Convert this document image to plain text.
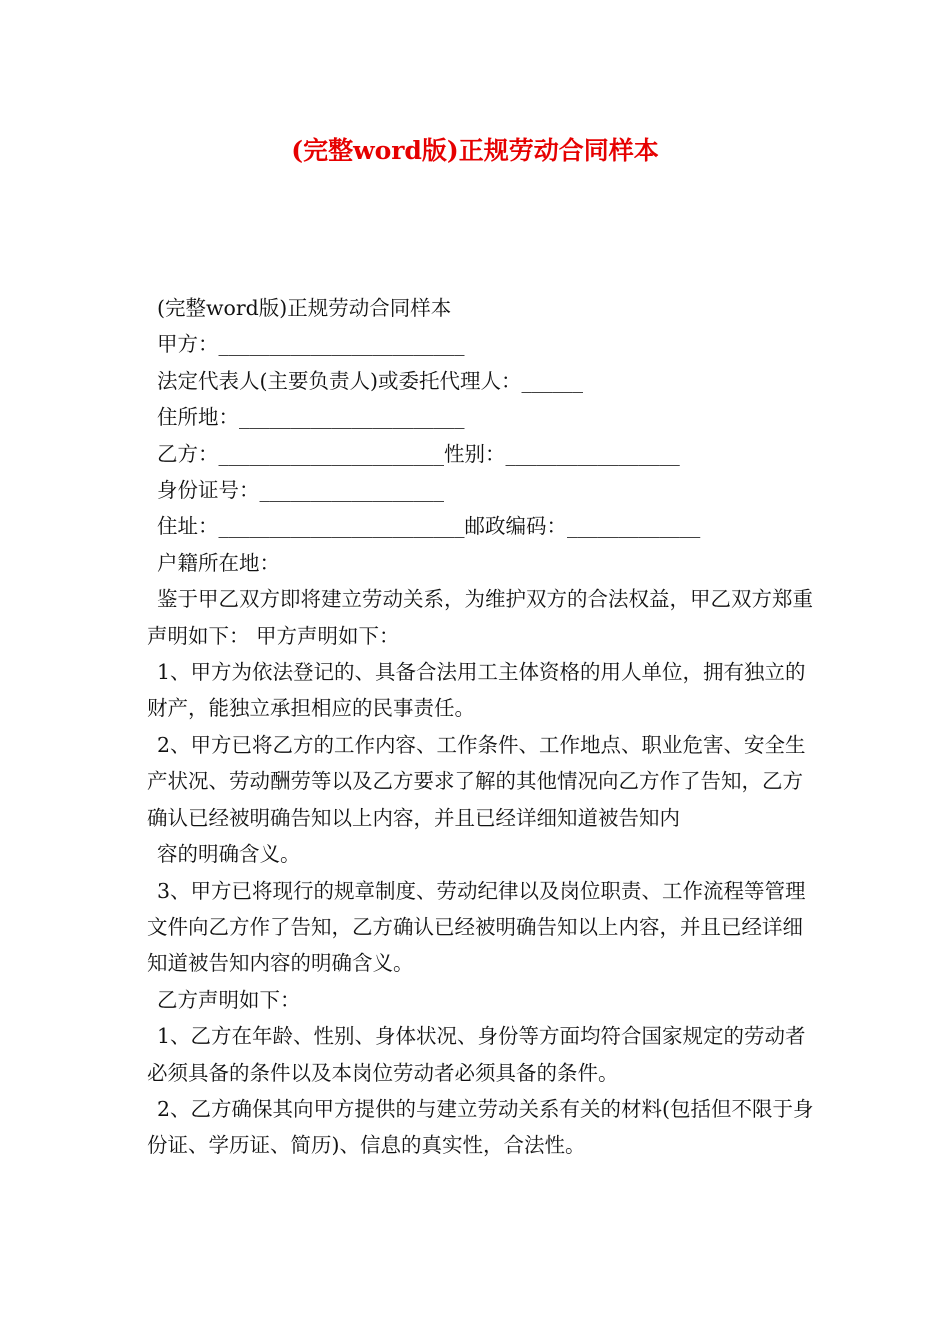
(完整word版)正规劳动合同样本
(完整word版)正规劳动合同样本
甲方：________________________
法定代表人(主要负责人)或委托代理人：______
住所地：______________________
乙方：______________________性别：_________________
身份证号：__________________
住址：________________________邮政编码：_____________
户籍所在地：

鉴于甲乙双方即将建立劳动关系，为维护双方的合法权益，甲乙双方郑重声明如下： 甲方声明如下：

1、甲方为依法登记的、具备合法用工主体资格的用人单位，拥有独立的财产，能独立承担相应的民事责任。

2、甲方已将乙方的工作内容、工作条件、工作地点、职业危害、安全生产状况、劳动酬劳等以及乙方要求了解的其他情况向乙方作了告知，乙方确认已经被明确告知以上内容，并且已经详细知道被告知内

容的明确含义。

3、甲方已将现行的规章制度、劳动纪律以及岗位职责、工作流程等管理文件向乙方作了告知，乙方确认已经被明确告知以上内容，并且已经详细知道被告知内容的明确含义。

乙方声明如下：

1、乙方在年龄、性别、身体状况、身份等方面均符合国家规定的劳动者必须具备的条件以及本岗位劳动者必须具备的条件。

2、乙方确保其向甲方提供的与建立劳动关系有关的材料(包括但不限于身份证、学历证、简历)、信息的真实性，合法性。
